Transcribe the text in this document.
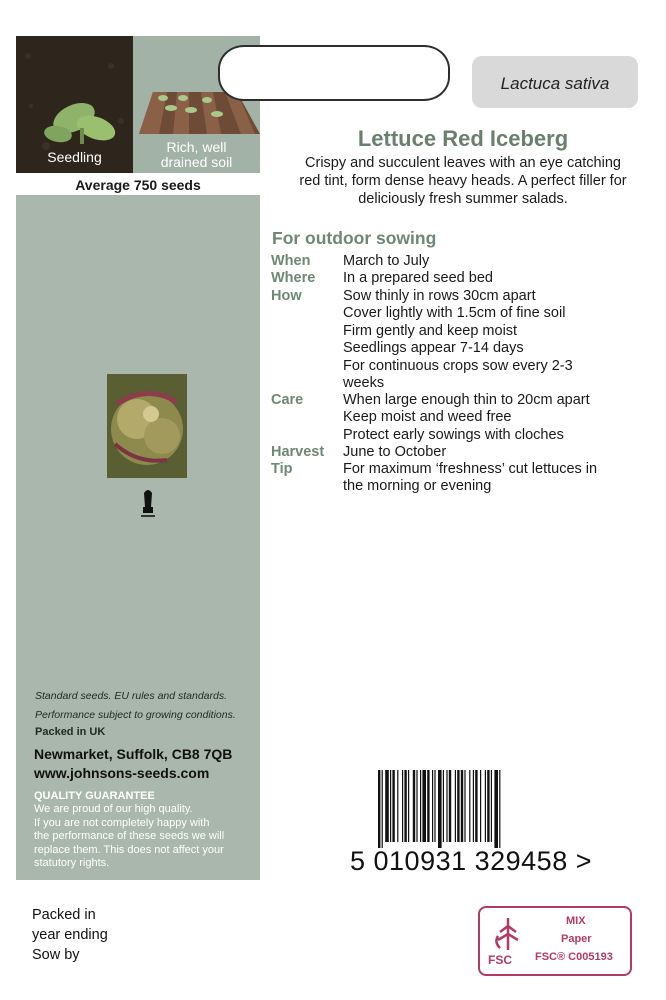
Seedling
Rich, well
drained soil
Average 750 seeds
Standard seeds. EU rules and standards.
Performance subject to growing conditions.
Packed in UK
Newmarket, Suffolk, CB8 7QB
www.johnsons-seeds.com
QUALITY GUARANTEE
We are proud of our high quality.
If you are not completely happy with
the performance of these seeds we will
replace them. This does not affect your
statutory rights.
Lactuca sativa
Lettuce Red Iceberg
Crispy and succulent leaves with an eye catching
red tint, form dense heavy heads. A perfect filler for
deliciously fresh summer salads.
For outdoor sowing
When March to July
Where In a prepared seed bed
How	Sow thinly in rows 30cm apart
Cover lightly with 1.5cm of fine soil
Firm gently and keep moist
Seedlings appear 7-14 days
For continuous crops sow every 2-3
weeks
Care	When large enough thin to 20cm apart
Keep moist and weed free
Protect early sowings with cloches
Harvest June to October
Tip	For maximum ‘freshness’ cut lettuces in
the morning or evening
5 010931 329458 >
Packed in
year ending
Sow by	FSC
MIX
Paper
FSC® C005193
